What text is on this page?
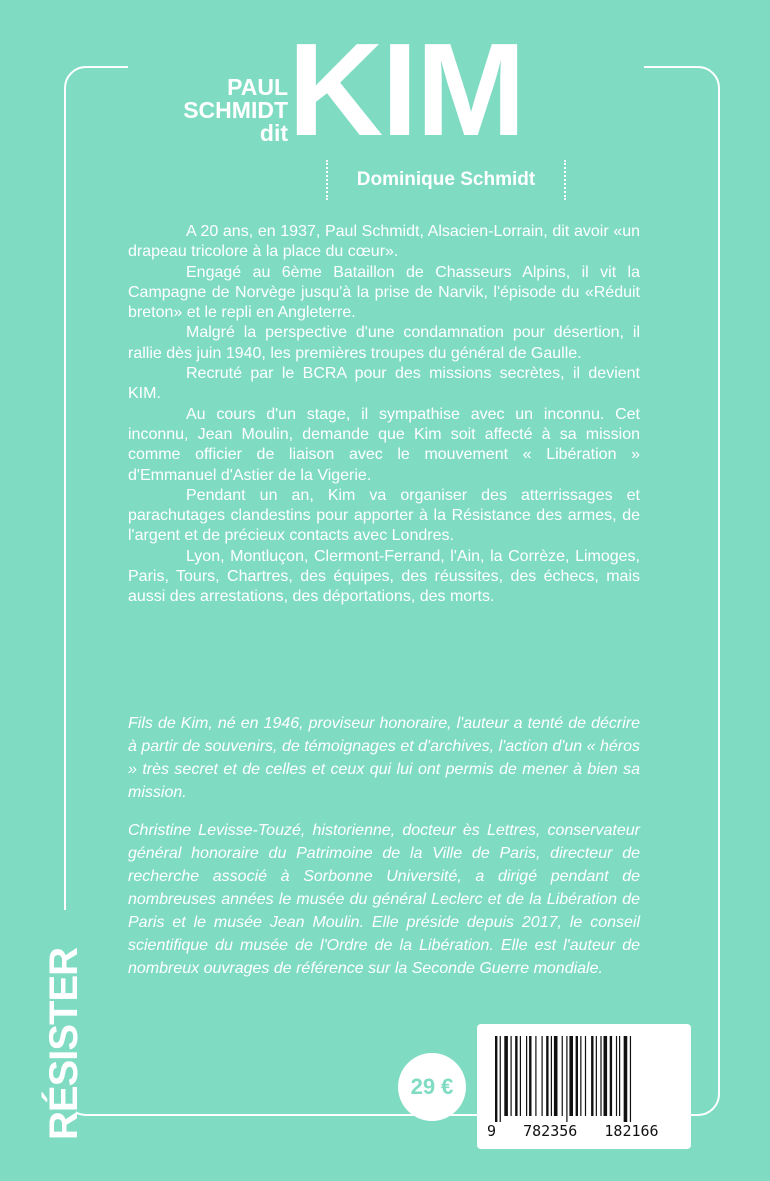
PAUL
SCHMIDT
dit KIM
Dominique Schmidt

A 20 ans, en 1937, Paul Schmidt, Alsacien-Lorrain, dit avoir «un drapeau tricolore à la place du cœur».

Engagé au 6ème Bataillon de Chasseurs Alpins, il vit la Campagne de Norvège jusqu'à la prise de Narvik, l'épisode du «Réduit breton» et le repli en Angleterre.

Malgré la perspective d'une condamnation pour désertion, il rallie dès juin 1940, les premières troupes du général de Gaulle.

Recruté par le BCRA pour des missions secrètes, il devient KIM.

Au cours d'un stage, il sympathise avec un inconnu. Cet inconnu, Jean Moulin, demande que Kim soit affecté à sa mission comme officier de liaison avec le mouvement « Libération » d'Emmanuel d'Astier de la Vigerie.

Pendant un an, Kim va organiser des atterrissages et parachutages clandestins pour apporter à la Résistance des armes, de l'argent et de précieux contacts avec Londres.

Lyon, Montluçon, Clermont-Ferrand, l'Ain, la Corrèze, Limoges, Paris, Tours, Chartres, des équipes, des réussites, des échecs, mais aussi des arrestations, des déportations, des morts.

Fils de Kim, né en 1946, proviseur honoraire, l'auteur a tenté de décrire à partir de souvenirs, de témoignages et d'archives, l'action d'un « héros » très secret et de celles et ceux qui lui ont permis de mener à bien sa mission.

Christine Levisse-Touzé, historienne, docteur ès Lettres, conservateur général honoraire du Patrimoine de la Ville de Paris, directeur de recherche associé à Sorbonne Université, a dirigé pendant de nombreuses années le musée du général Leclerc et de la Libération de Paris et le musée Jean Moulin. Elle préside depuis 2017, le conseil scientifique du musée de l'Ordre de la Libération. Elle est l'auteur de nombreux ouvrages de référence sur la Seconde Guerre mondiale.

RÉSISTER	29 €
9   782356   182166
